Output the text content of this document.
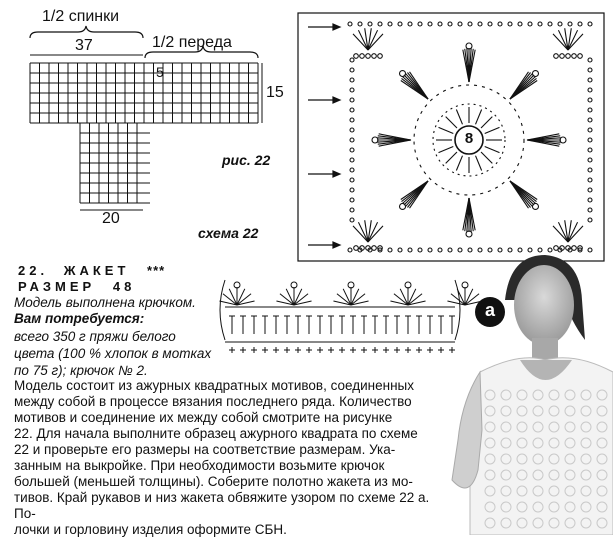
1/2 спинки
1/2 переда
37
5
15
20
рис. 22
схема 22
8
22. ЖАКЕТ ***
РАЗМЕР 48
Модель выполнена крючком.
Вам потребуется:
всего 350 г пряжи белого
цвета (100 % хлопок в мотках
по 75 г); крючок № 2.
Модель состоит из ажурных квадратных мотивов, соединенных
между собой в процессе вязания последнего ряда. Количество
мотивов и соединение их между собой смотрите на рисунке
22. Для начала выполните образец ажурного квадрата по схеме
22 и проверьте его размеры на соответствие размерам. Ука-
занным на выкройке. При необходимости возьмите крючок
большей (меньшей толщины). Соберите полотно жакета из мо-
тивов. Край рукавов и низ жакета обвяжите узором по схеме 22 а. По-
лочки и горловину изделия оформите СБН.
а
